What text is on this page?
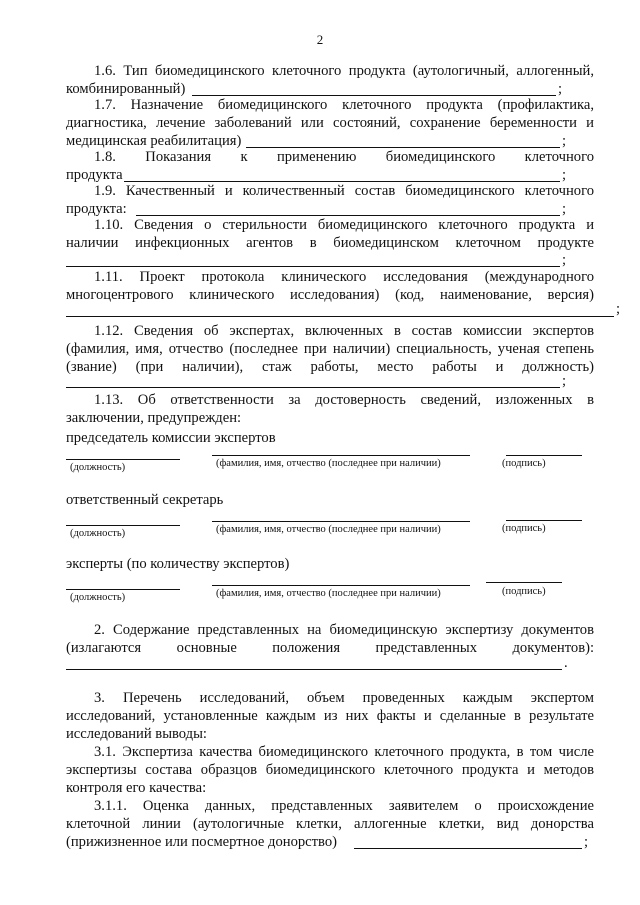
2
1.6. Тип биомедицинского клеточного продукта (аутологичный, аллогенный,
комбинированный)	;
1.7. Назначение биомедицинского клеточного продукта (профилактика,
диагностика, лечение заболеваний или состояний, сохранение беременности и
медицинская реабилитация)	;
1.8. Показания к применению биомедицинского клеточного
продукта	;
1.9. Качественный и количественный состав биомедицинского клеточного
продукта:	;
1.10. Сведения о стерильности биомедицинского клеточного продукта и
наличии инфекционных агентов в биомедицинском клеточном продукте
;
1.11. Проект протокола клинического исследования (международного
многоцентрового клинического исследования) (код, наименование, версия)
;
1.12. Сведения об экспертах, включенных в состав комиссии экспертов
(фамилия, имя, отчество (последнее при наличии) специальность, ученая степень
(звание) (при наличии), стаж работы, место работы и должность)
;
1.13. Об ответственности за достоверность сведений, изложенных в
заключении, предупрежден:
председатель комиссии экспертов
(должность)	(фамилия, имя, отчество (последнее при наличии)	(подпись)
ответственный секретарь
(должность)	(фамилия, имя, отчество (последнее при наличии)	(подпись)
эксперты (по количеству экспертов)
(должность)	(фамилия, имя, отчество (последнее при наличии)	(подпись)
2. Содержание представленных на биомедицинскую экспертизу документов
(излагаются основные положения представленных документов):
.
3. Перечень исследований, объем проведенных каждым экспертом
исследований, установленные каждым из них факты и сделанные в результате
исследований выводы:
3.1. Экспертиза качества биомедицинского клеточного продукта, в том числе
экспертизы состава образцов биомедицинского клеточного продукта и методов
контроля его качества:
3.1.1. Оценка данных, представленных заявителем о происхождение
клеточной линии (аутологичные клетки, аллогенные клетки, вид донорства
(прижизненное или посмертное донорство)	;
